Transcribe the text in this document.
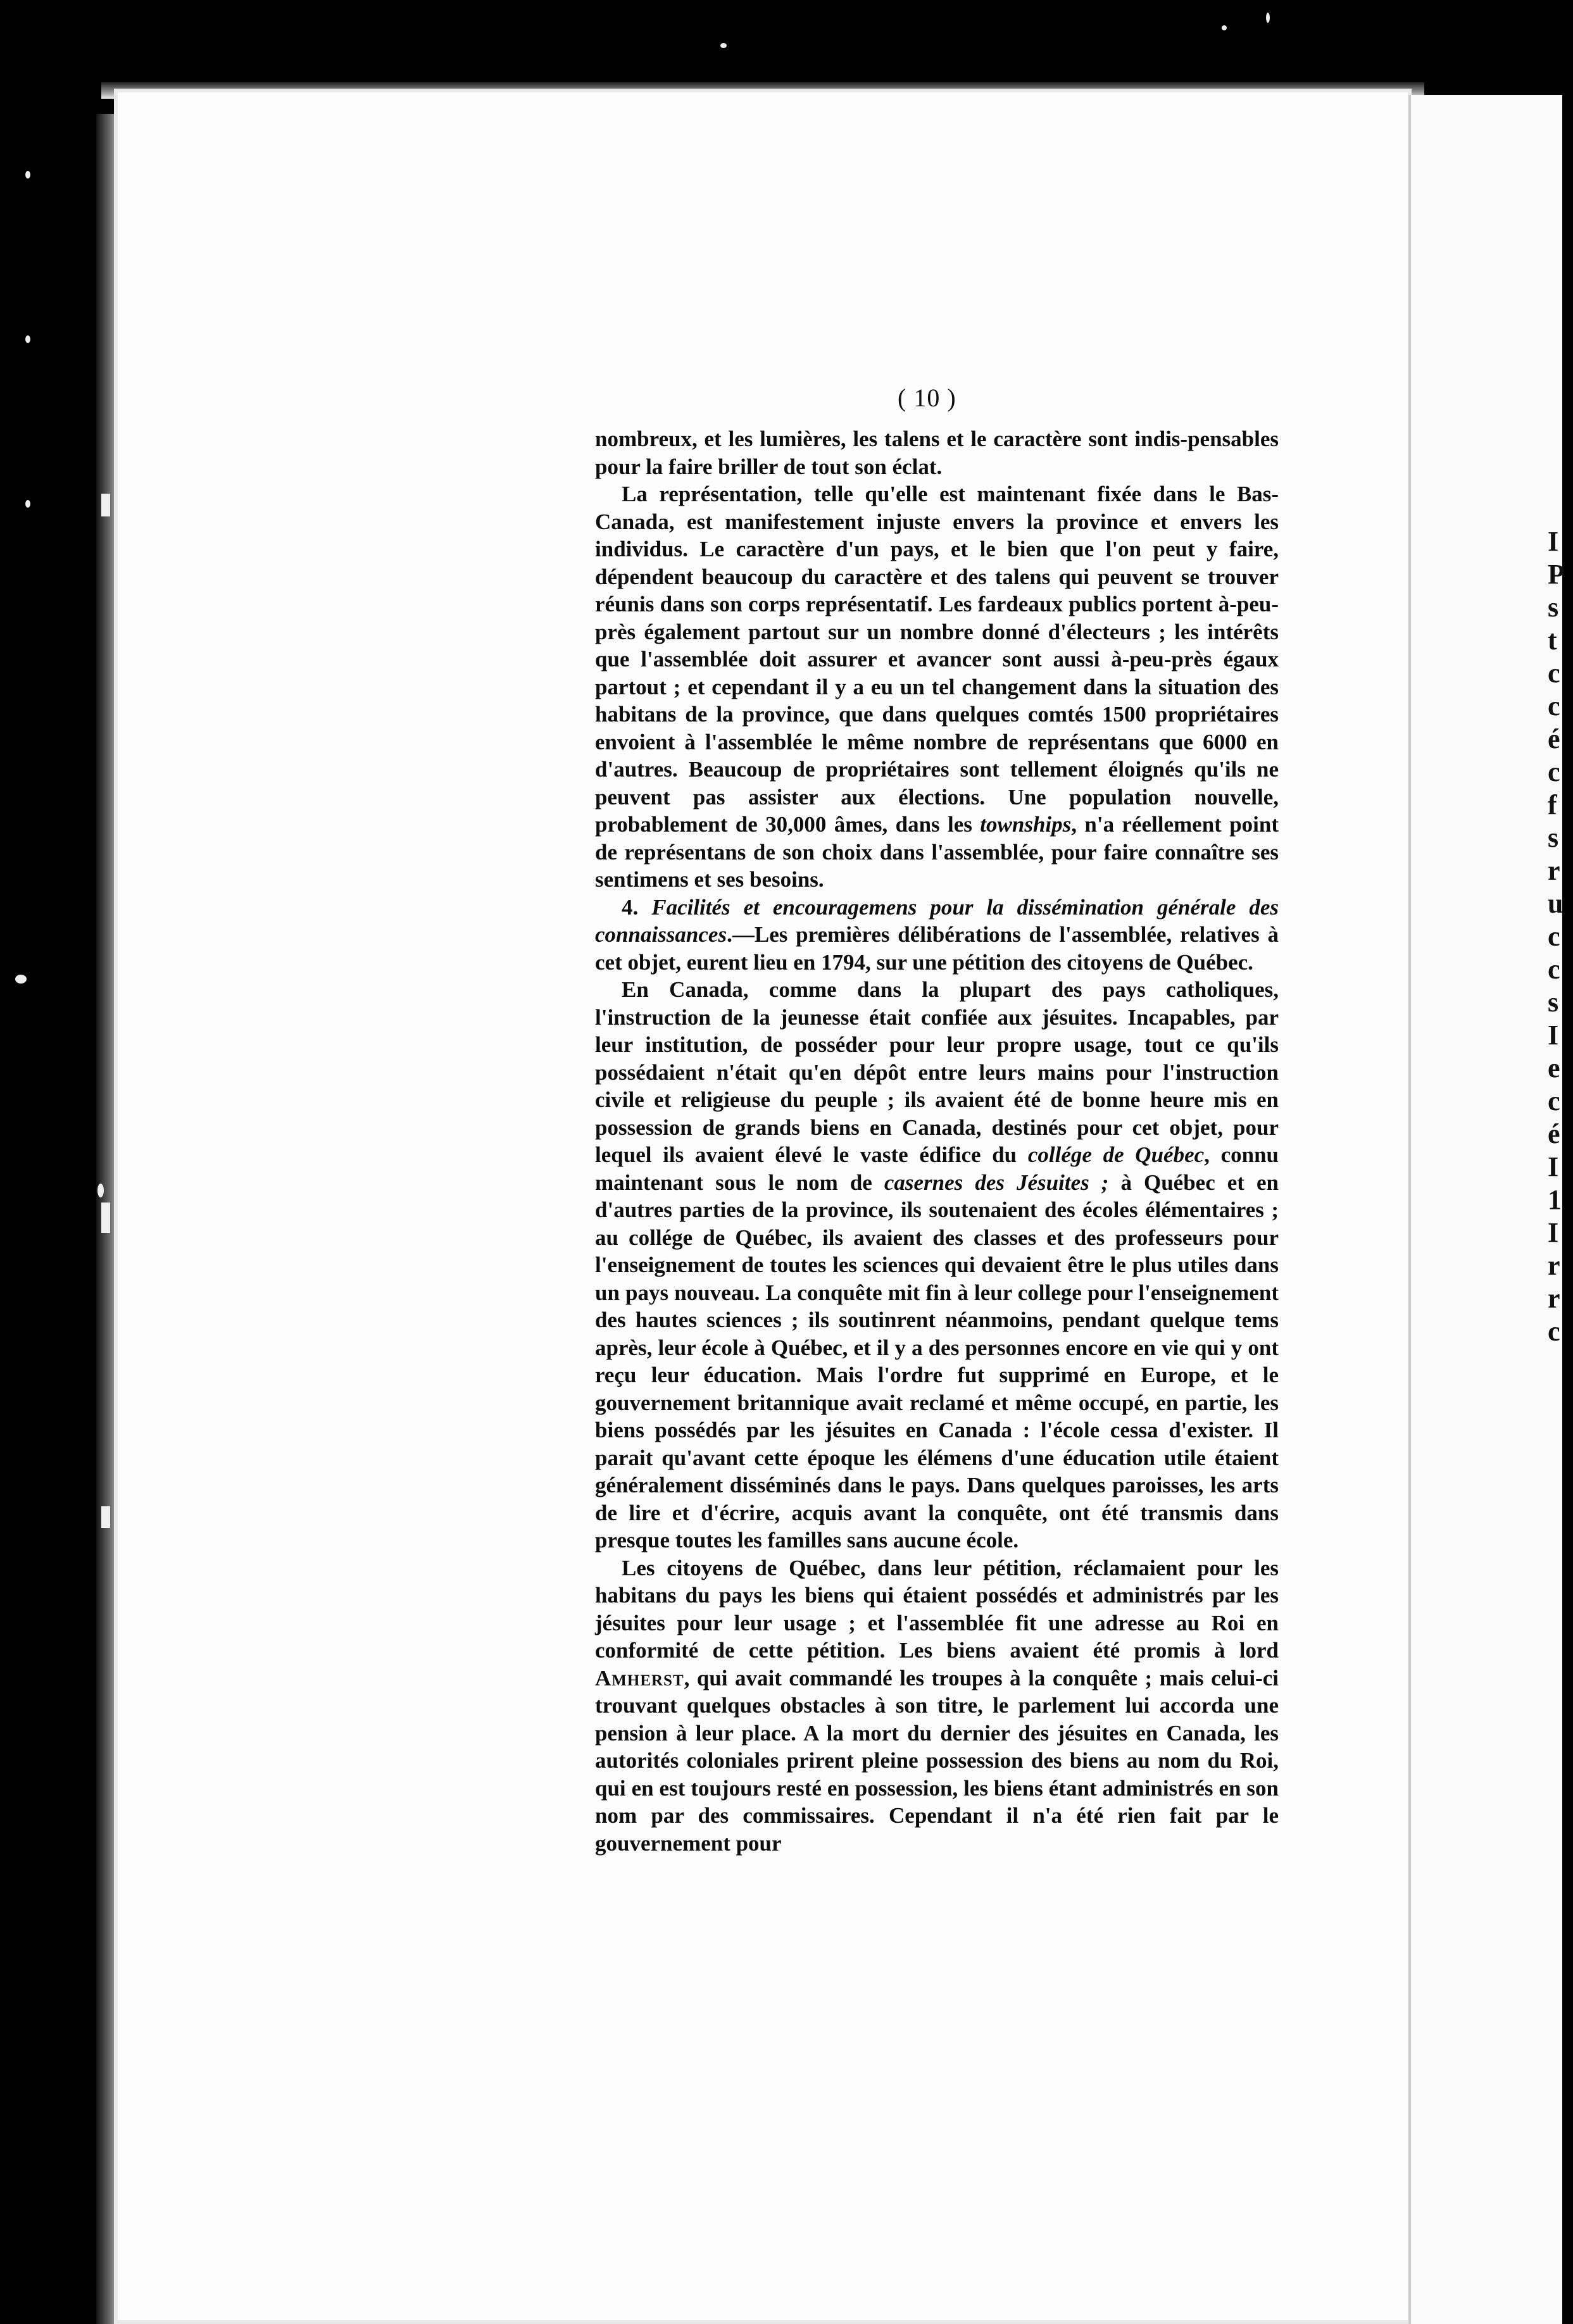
I P s t c c é c f s r u c c s I e c é I 1 I r r c
( 10 )

nombreux, et les lumières, les talens et le caractère sont indis-pensables pour la faire briller de tout son éclat.

La représentation, telle qu'elle est maintenant fixée dans le Bas-Canada, est manifestement injuste envers la province et envers les individus. Le caractère d'un pays, et le bien que l'on peut y faire, dépendent beaucoup du caractère et des talens qui peuvent se trouver réunis dans son corps représentatif. Les fardeaux publics portent à-peu-près également partout sur un nombre donné d'électeurs ; les intérêts que l'assemblée doit assurer et avancer sont aussi à-peu-près égaux partout ; et cependant il y a eu un tel changement dans la situation des habitans de la province, que dans quelques comtés 1500 propriétaires envoient à l'assemblée le même nombre de représentans que 6000 en d'autres. Beaucoup de propriétaires sont tellement éloignés qu'ils ne peuvent pas assister aux élections. Une population nouvelle, probablement de 30,000 âmes, dans les townships, n'a réellement point de représentans de son choix dans l'assemblée, pour faire connaître ses sentimens et ses besoins.

4. Facilités et encouragemens pour la dissémination générale des connaissances.—Les premières délibérations de l'assemblée, relatives à cet objet, eurent lieu en 1794, sur une pétition des citoyens de Québec.

En Canada, comme dans la plupart des pays catholiques, l'instruction de la jeunesse était confiée aux jésuites. Incapables, par leur institution, de posséder pour leur propre usage, tout ce qu'ils possédaient n'était qu'en dépôt entre leurs mains pour l'instruction civile et religieuse du peuple ; ils avaient été de bonne heure mis en possession de grands biens en Canada, destinés pour cet objet, pour lequel ils avaient élevé le vaste édifice du collége de Québec, connu maintenant sous le nom de casernes des Jésuites ; à Québec et en d'autres parties de la province, ils soutenaient des écoles élémentaires ; au collége de Québec, ils avaient des classes et des professeurs pour l'enseignement de toutes les sciences qui devaient être le plus utiles dans un pays nouveau. La conquête mit fin à leur college pour l'enseignement des hautes sciences ; ils soutinrent néanmoins, pendant quelque tems après, leur école à Québec, et il y a des personnes encore en vie qui y ont reçu leur éducation. Mais l'ordre fut supprimé en Europe, et le gouvernement britannique avait reclamé et même occupé, en partie, les biens possédés par les jésuites en Canada : l'école cessa d'exister. Il parait qu'avant cette époque les élémens d'une éducation utile étaient généralement disséminés dans le pays. Dans quelques paroisses, les arts de lire et d'écrire, acquis avant la conquête, ont été transmis dans presque toutes les familles sans aucune école.

Les citoyens de Québec, dans leur pétition, réclamaient pour les habitans du pays les biens qui étaient possédés et administrés par les jésuites pour leur usage ; et l'assemblée fit une adresse au Roi en conformité de cette pétition. Les biens avaient été promis à lord Amherst, qui avait commandé les troupes à la conquête ; mais celui-ci trouvant quelques obstacles à son titre, le parlement lui accorda une pension à leur place. A la mort du dernier des jésuites en Canada, les autorités coloniales prirent pleine possession des biens au nom du Roi, qui en est toujours resté en possession, les biens étant administrés en son nom par des commissaires. Cependant il n'a été rien fait par le gouvernement pour
